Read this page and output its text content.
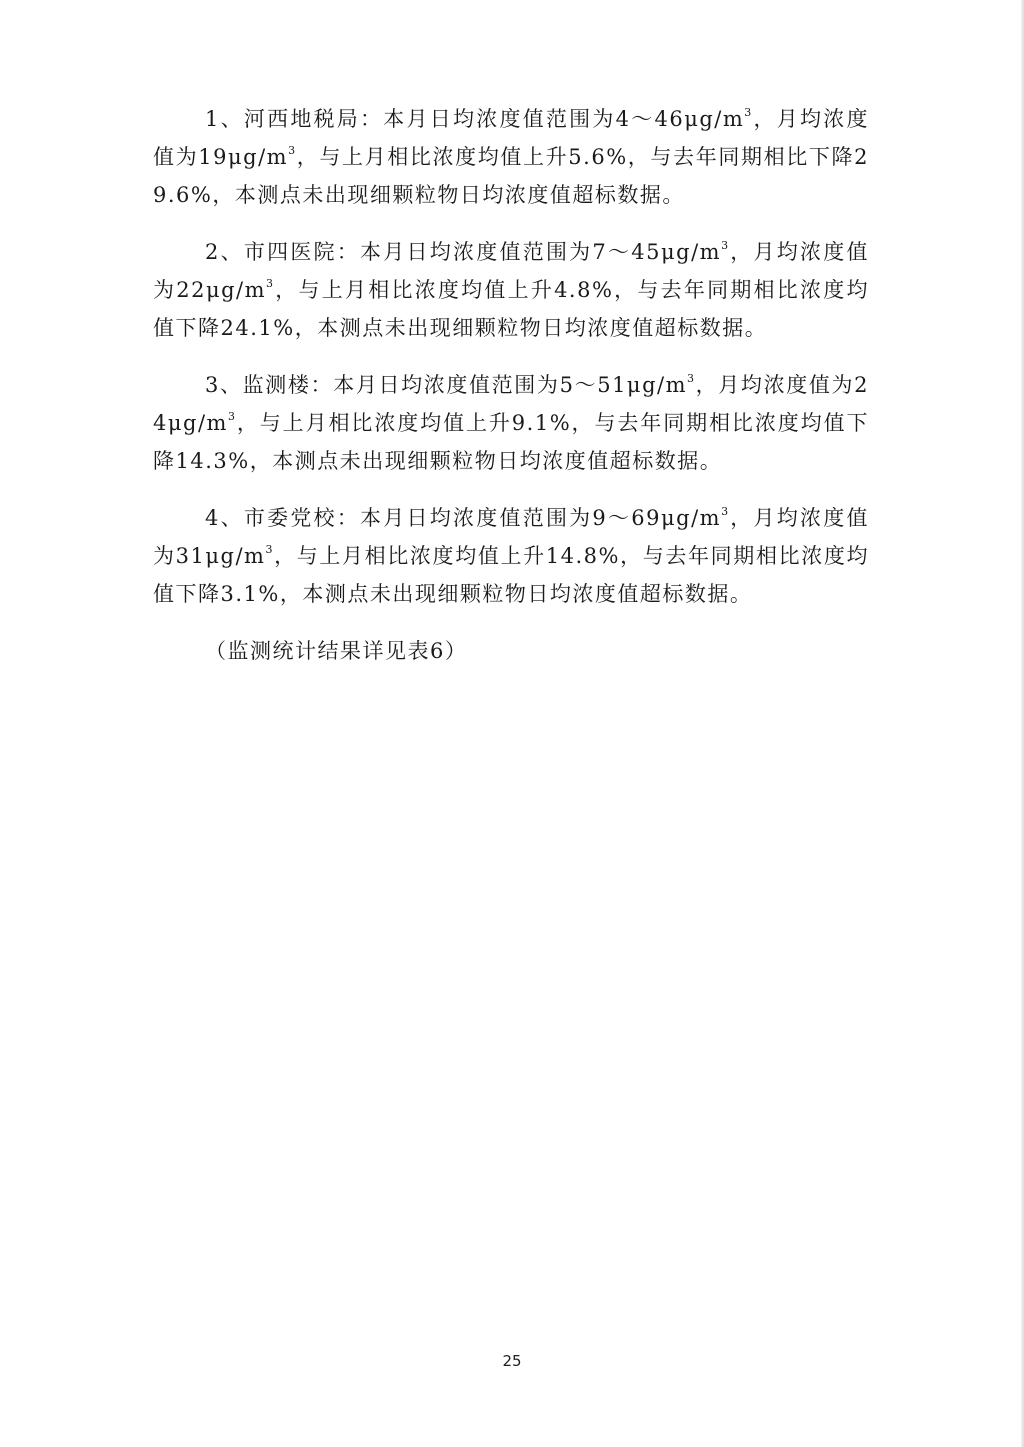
1、河西地税局：本月日均浓度值范围为$4\sim 46\mu g/m^3$，月均浓度值为$19\mu g/m^3$，与上月相比浓度均值上升5.6%，与去年同期相比下降29.6%，本测点未出现细颗粒物日均浓度值超标数据。

2、市四医院：本月日均浓度值范围为$7\sim 45\mu g/m^3$，月均浓度值为$22\mu g/m^3$，与上月相比浓度均值上升4.8%，与去年同期相比浓度均值下降24.1%，本测点未出现细颗粒物日均浓度值超标数据。

3、监测楼：本月日均浓度值范围为$5\sim 51\mu g/m^3$，月均浓度值为$24\mu g/m^3$，与上月相比浓度均值上升9.1%，与去年同期相比浓度均值下降14.3%，本测点未出现细颗粒物日均浓度值超标数据。

4、市委党校：本月日均浓度值范围为$9\sim 69\mu g/m^3$，月均浓度值为$31\mu g/m^3$，与上月相比浓度均值上升14.8%，与去年同期相比浓度均值下降3.1%，本测点未出现细颗粒物日均浓度值超标数据。

（监测统计结果详见表6）

25
